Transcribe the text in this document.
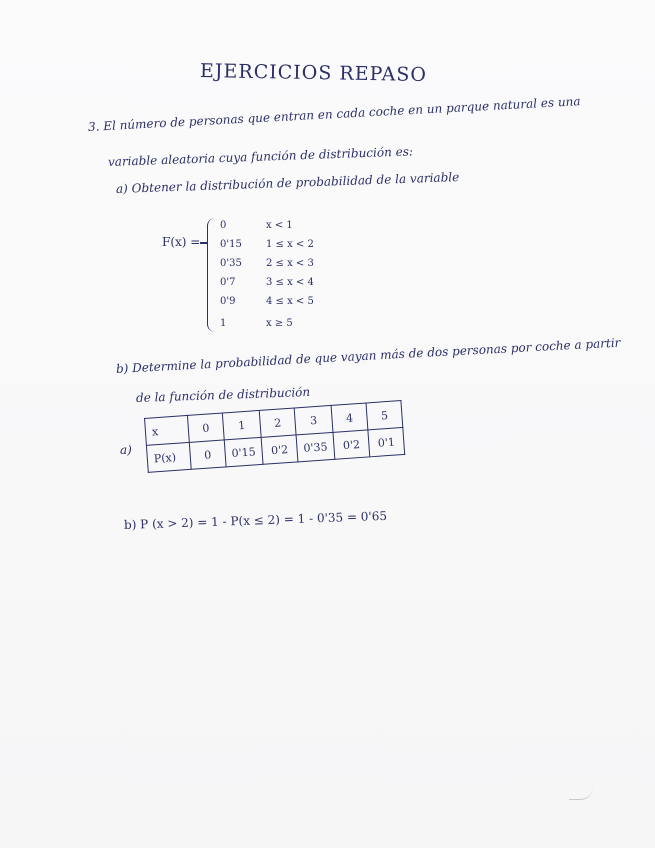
EJERCICIOS REPASO
3. El número de personas que entran en cada coche en un parque natural es una
variable aleatoria cuya función de distribución es:
a) Obtener la distribución de probabilidad de la variable
F(x) =
0	x < 1
0'15 1 ≤ x < 2
0'35 2 ≤ x < 3
0'7	3 ≤ x < 4
0'9	4 ≤ x < 5
1	x ≥ 5
b) Determine la probabilidad de que vayan más de dos personas por coche a partir
de la función de distribución
a)
x	0	1	2	3	4	5
P(x)	0	0'15	0'2	0'35	0'2	0'1
b) P (x > 2) = 1 - P(x ≤ 2) = 1 - 0'35 = 0'65
